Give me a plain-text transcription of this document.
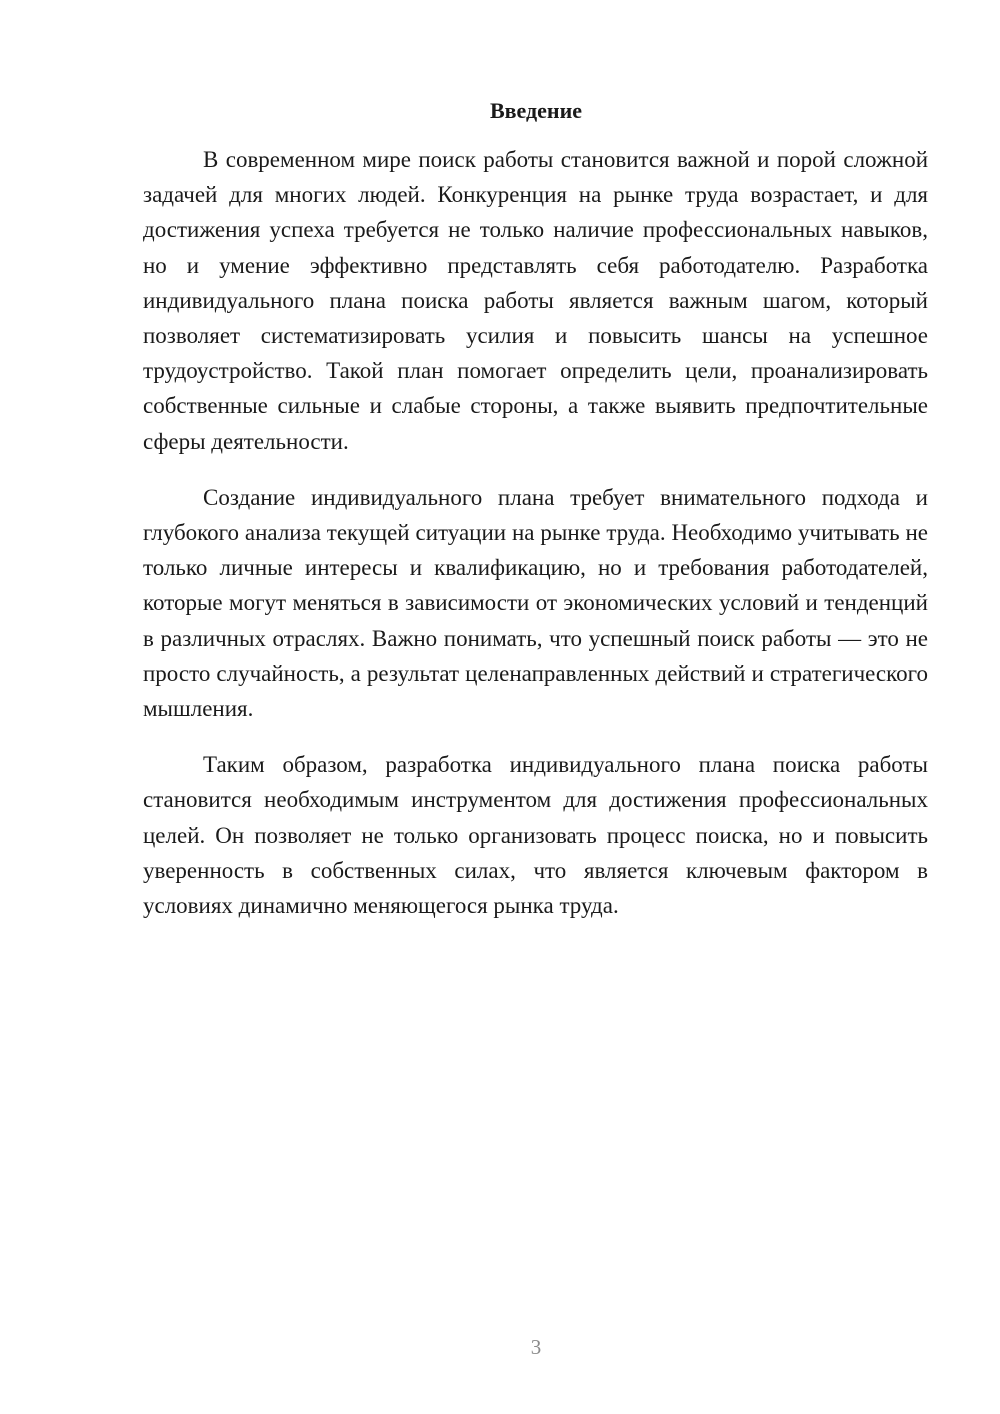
Введение

В современном мире поиск работы становится важной и порой сложной задачей для многих людей. Конкуренция на рынке труда возрастает, и для достижения успеха требуется не только наличие профессиональных навыков, но и умение эффективно представлять себя работодателю. Разработка индивидуального плана поиска работы является важным шагом, который позволяет систематизировать усилия и повысить шансы на успешное трудоустройство. Такой план помогает определить цели, проанализировать собственные сильные и слабые стороны, а также выявить предпочтительные сферы деятельности.

Создание индивидуального плана требует внимательного подхода и глубокого анализа текущей ситуации на рынке труда. Необходимо учитывать не только личные интересы и квалификацию, но и требования работодателей, которые могут меняться в зависимости от экономических условий и тенденций в различных отраслях. Важно понимать, что успешный поиск работы — это не просто случайность, а результат целенаправленных действий и стратегического мышления.

Таким образом, разработка индивидуального плана поиска работы становится необходимым инструментом для достижения профессиональных целей. Он позволяет не только организовать процесс поиска, но и повысить уверенность в собственных силах, что является ключевым фактором в условиях динамично меняющегося рынка труда.

3
